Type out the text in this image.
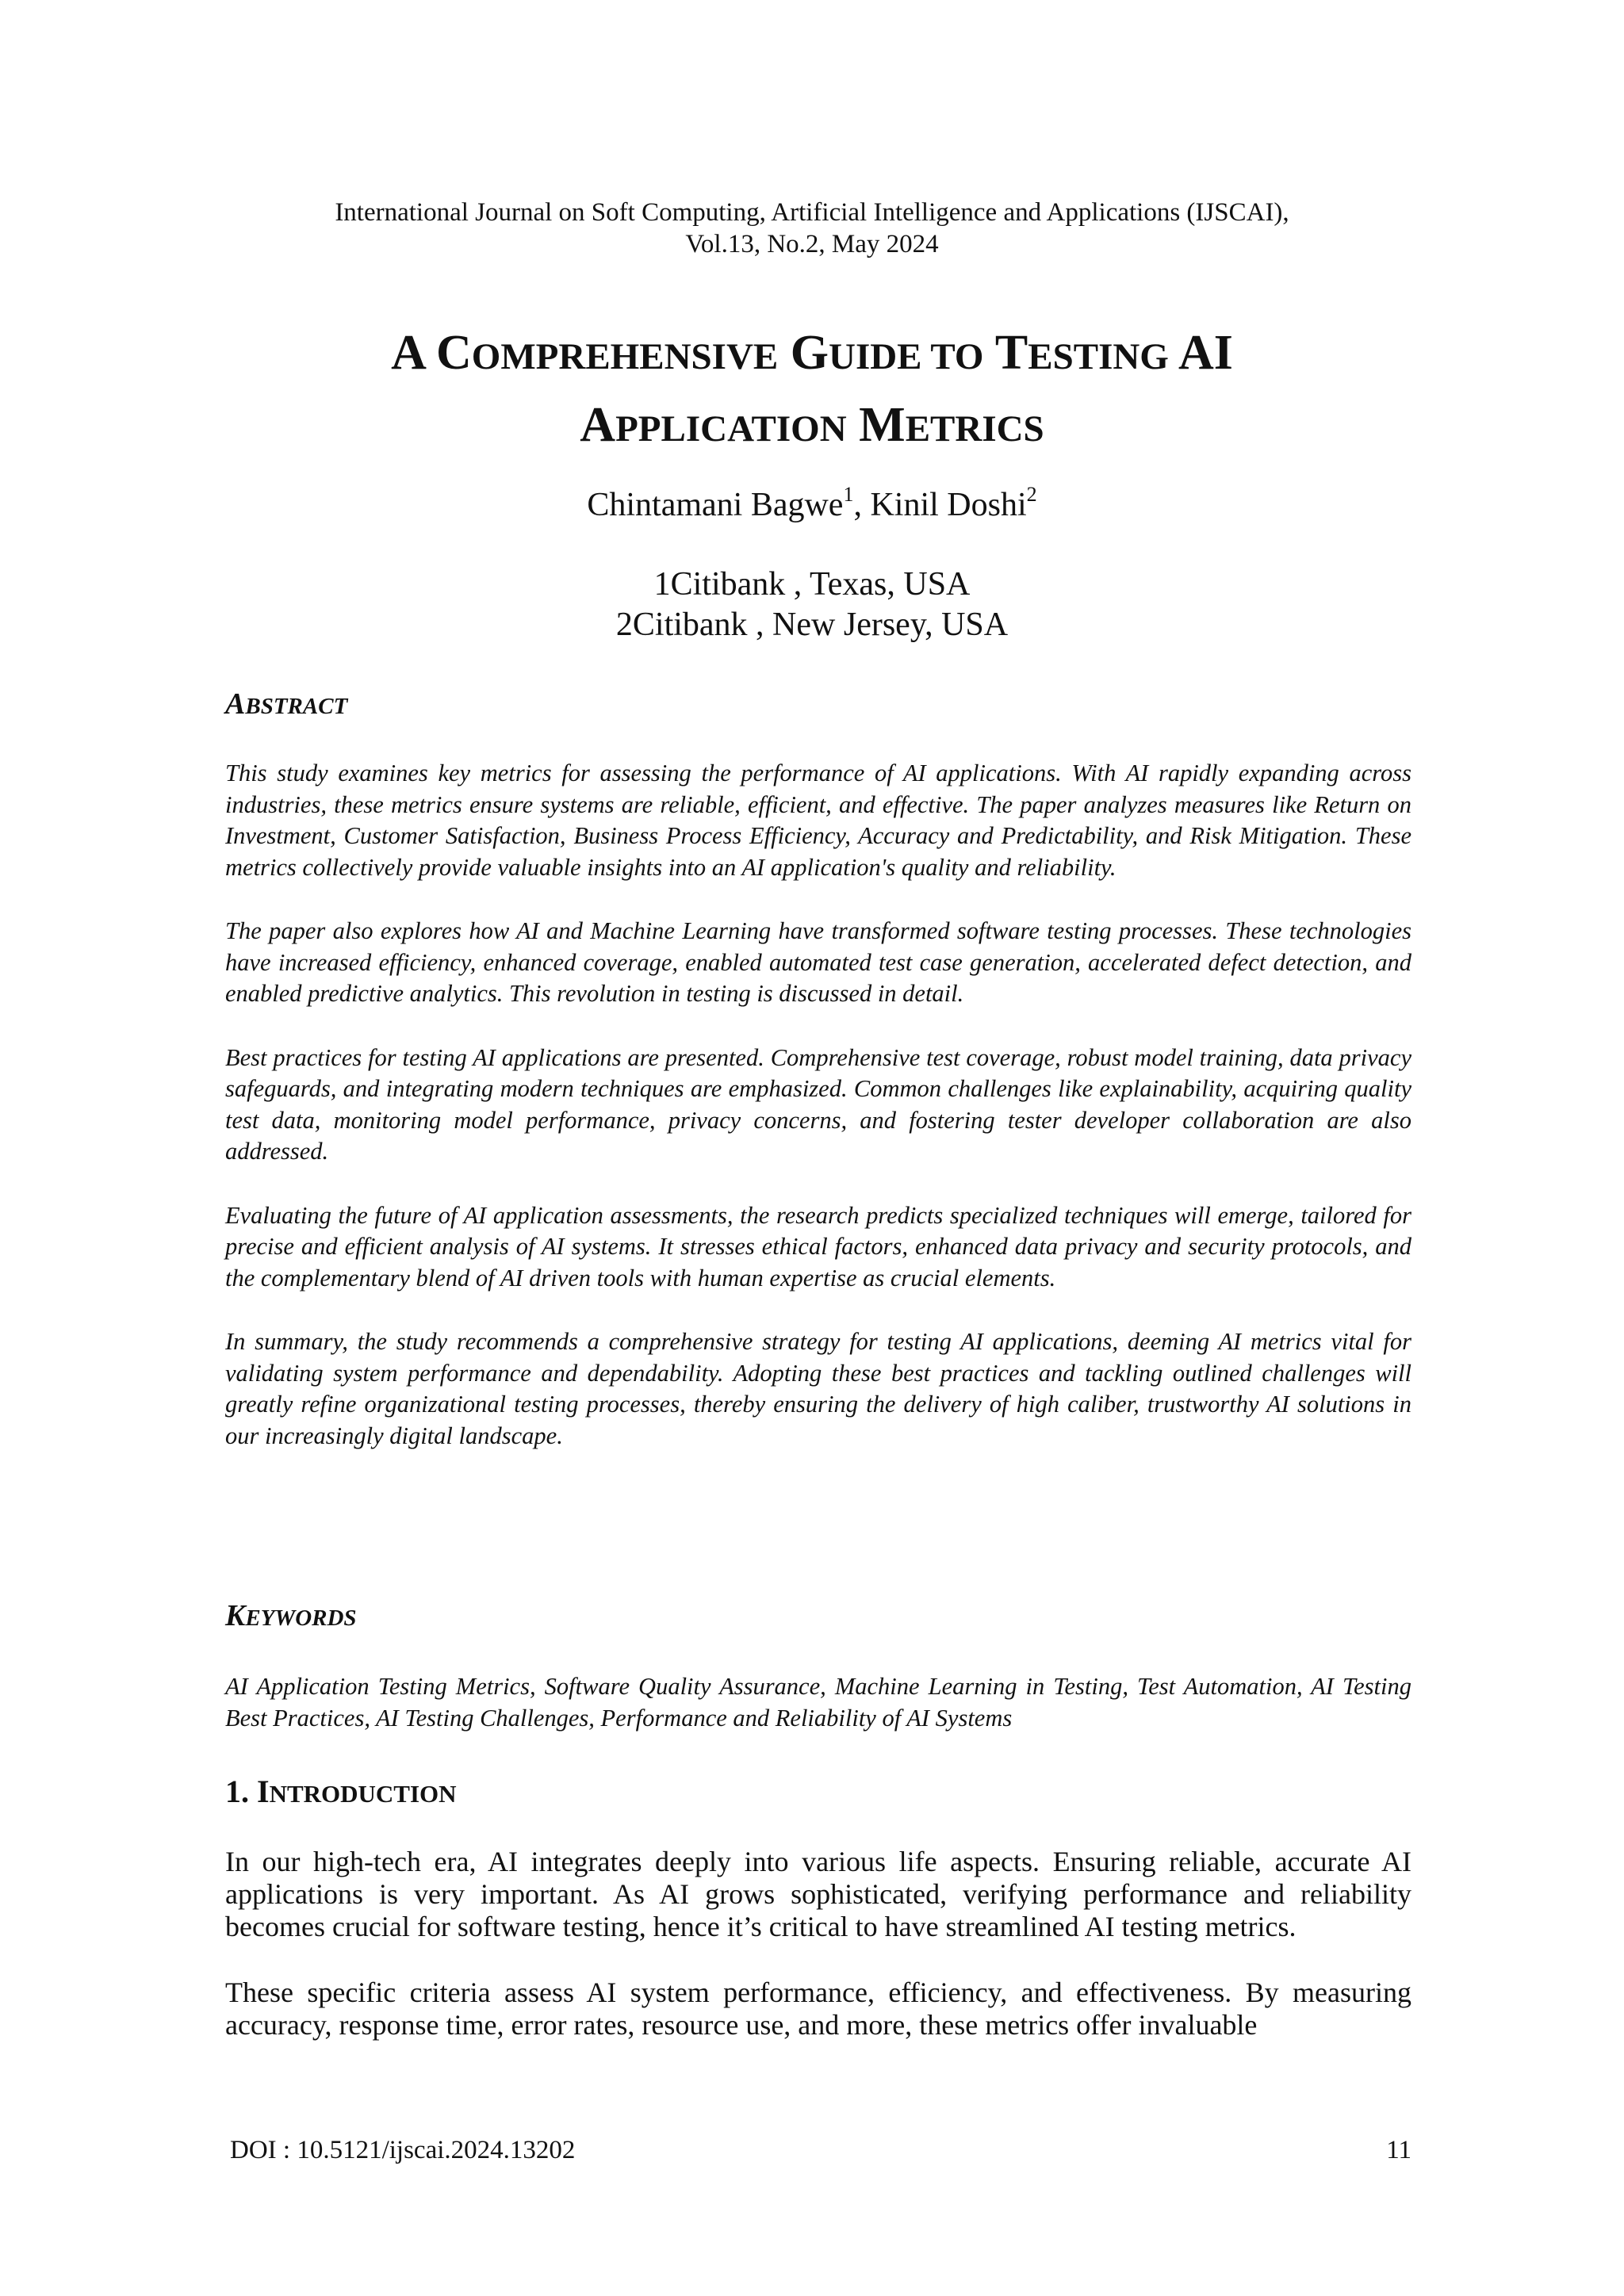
International Journal on Soft Computing, Artificial Intelligence and Applications (IJSCAI),
Vol.13, No.2, May 2024
A COMPREHENSIVE GUIDE TO TESTING AI
APPLICATION METRICS
Chintamani Bagwe$^1$, Kinil Doshi$^2$
1Citibank , Texas, USA
2Citibank , New Jersey, USA
ABSTRACT

This study examines key metrics for assessing the performance of AI applications. With AI rapidly expanding across industries, these metrics ensure systems are reliable, efficient, and effective. The paper analyzes measures like Return on Investment, Customer Satisfaction, Business Process Efficiency, Accuracy and Predictability, and Risk Mitigation. These metrics collectively provide valuable insights into an AI application's quality and reliability.

The paper also explores how AI and Machine Learning have transformed software testing processes. These technologies have increased efficiency, enhanced coverage, enabled automated test case generation, accelerated defect detection, and enabled predictive analytics. This revolution in testing is discussed in detail.

Best practices for testing AI applications are presented. Comprehensive test coverage, robust model training, data privacy safeguards, and integrating modern techniques are emphasized. Common challenges like explainability, acquiring quality test data, monitoring model performance, privacy concerns, and fostering tester developer collaboration are also addressed.

Evaluating the future of AI application assessments, the research predicts specialized techniques will emerge, tailored for precise and efficient analysis of AI systems. It stresses ethical factors, enhanced data privacy and security protocols, and the complementary blend of AI driven tools with human expertise as crucial elements.

In summary, the study recommends a comprehensive strategy for testing AI applications, deeming AI metrics vital for validating system performance and dependability. Adopting these best practices and tackling outlined challenges will greatly refine organizational testing processes, thereby ensuring the delivery of high caliber, trustworthy AI solutions in our increasingly digital landscape.

KEYWORDS
AI Application Testing Metrics, Software Quality Assurance, Machine Learning in Testing, Test Automation, AI Testing Best Practices, AI Testing Challenges, Performance and Reliability of AI Systems
1. INTRODUCTION

In our high-tech era, AI integrates deeply into various life aspects. Ensuring reliable, accurate AI applications is very important. As AI grows sophisticated, verifying performance and reliability becomes crucial for software testing, hence it’s critical to have streamlined AI testing metrics.

These specific criteria assess AI system performance, efficiency, and effectiveness. By measuring accuracy, response time, error rates, resource use, and more, these metrics offer invaluable

DOI : 10.5121/ijscai.2024.13202	11
